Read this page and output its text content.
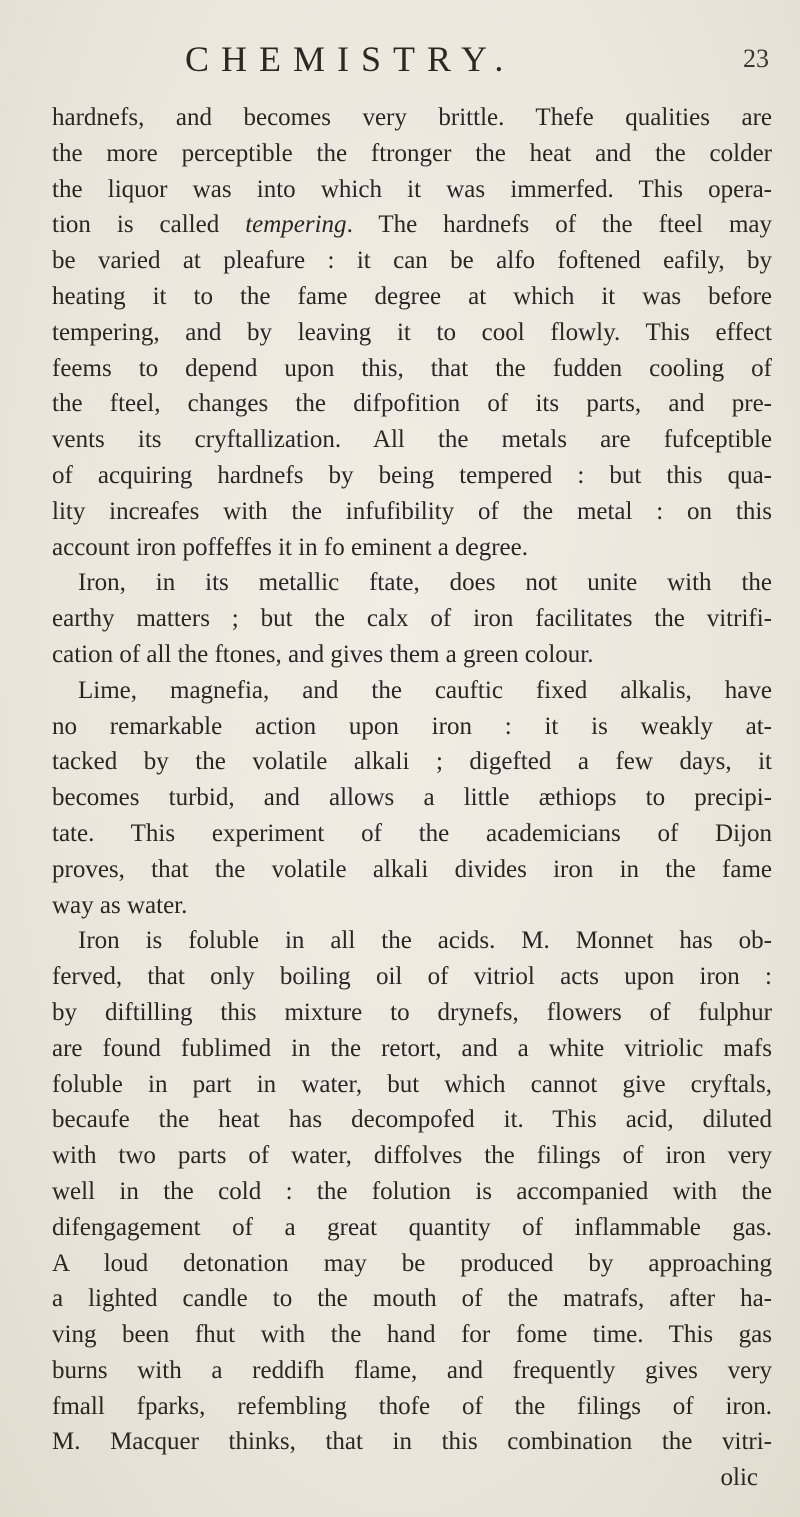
CHEMISTRY.	23
hardnefs, and becomes very brittle. Thefe qualities are
the more perceptible the ftronger the heat and the colder
the liquor was into which it was immerfed. This opera-
tion is called tempering. The hardnefs of the fteel may
be varied at pleafure : it can be alfo foftened eafily, by
heating it to the fame degree at which it was before
tempering, and by leaving it to cool flowly. This effect
feems to depend upon this, that the fudden cooling of
the fteel, changes the difpofition of its parts, and pre-
vents its cryftallization. All the metals are fufceptible
of acquiring hardnefs by being tempered : but this qua-
lity increafes with the infufibility of the metal : on this
account iron poffeffes it in fo eminent a degree.
Iron, in its metallic ftate, does not unite with the
earthy matters ; but the calx of iron facilitates the vitrifi-
cation of all the ftones, and gives them a green colour.
Lime, magnefia, and the cauftic fixed alkalis, have
no remarkable action upon iron : it is weakly at-
tacked by the volatile alkali ; digefted a few days, it
becomes turbid, and allows a little æthiops to precipi-
tate. This experiment of the academicians of Dijon
proves, that the volatile alkali divides iron in the fame
way as water.
Iron is foluble in all the acids. M. Monnet has ob-
ferved, that only boiling oil of vitriol acts upon iron :
by diftilling this mixture to drynefs, flowers of fulphur
are found fublimed in the retort, and a white vitriolic mafs
foluble in part in water, but which cannot give cryftals,
becaufe the heat has decompofed it. This acid, diluted
with two parts of water, diffolves the filings of iron very
well in the cold : the folution is accompanied with the
difengagement of a great quantity of inflammable gas.
A loud detonation may be produced by approaching
a lighted candle to the mouth of the matrafs, after ha-
ving been fhut with the hand for fome time. This gas
burns with a reddifh flame, and frequently gives very
fmall fparks, refembling thofe of the filings of iron.
M. Macquer thinks, that in this combination the vitri-
olic
